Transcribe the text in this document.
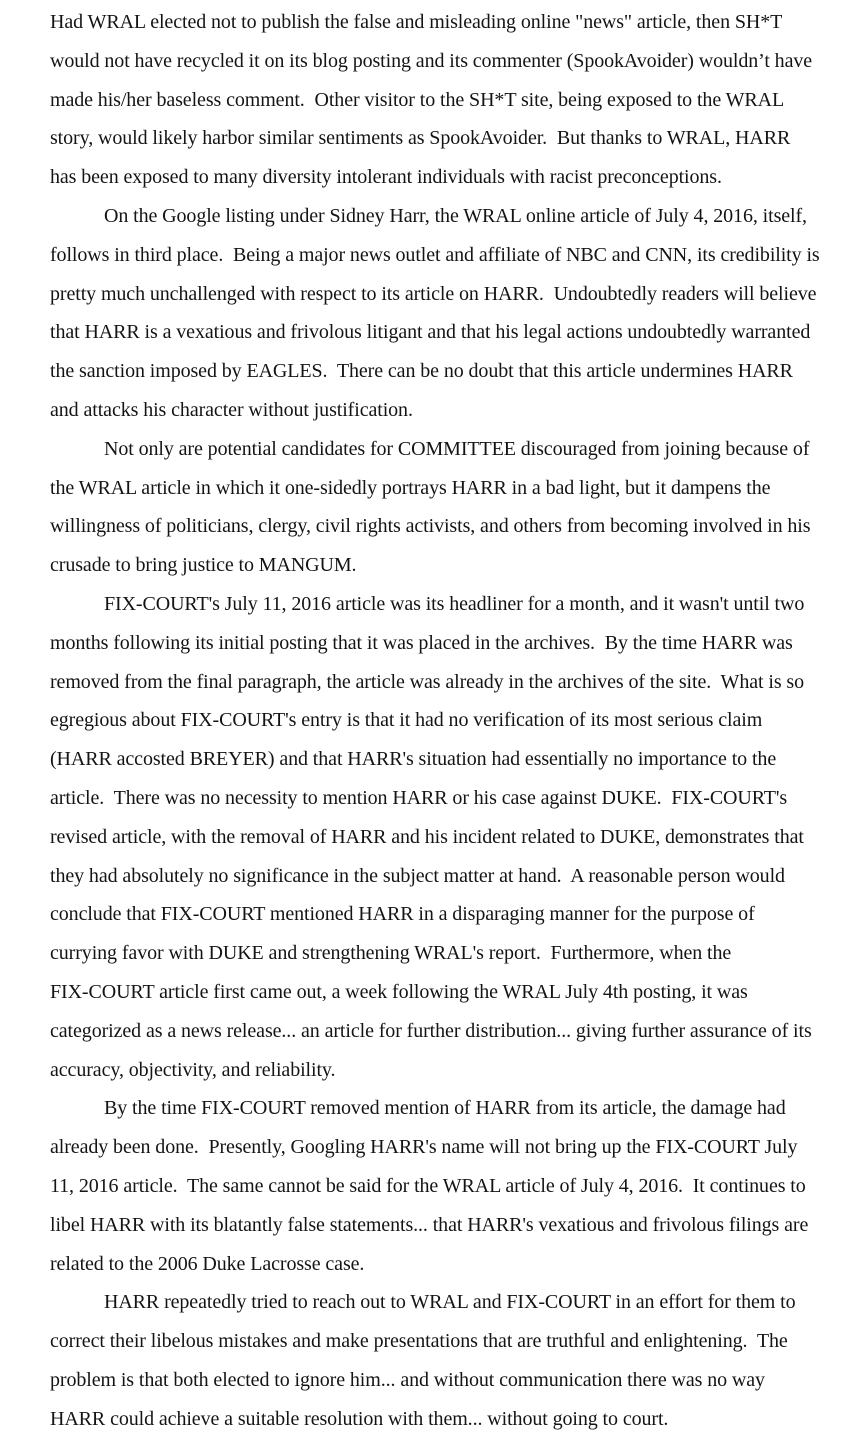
Had WRAL elected not to publish the false and misleading online "news" article, then SH*T
would not have recycled it on its blog posting and its commenter (SpookAvoider) wouldn’t have
made his/her baseless comment.  Other visitor to the SH*T site, being exposed to the WRAL
story, would likely harbor similar sentiments as SpookAvoider.  But thanks to WRAL, HARR
has been exposed to many diversity intolerant individuals with racist preconceptions.
On the Google listing under Sidney Harr, the WRAL online article of July 4, 2016, itself,
follows in third place.  Being a major news outlet and affiliate of NBC and CNN, its credibility is
pretty much unchallenged with respect to its article on HARR.  Undoubtedly readers will believe
that HARR is a vexatious and frivolous litigant and that his legal actions undoubtedly warranted
the sanction imposed by EAGLES.  There can be no doubt that this article undermines HARR
and attacks his character without justification.
Not only are potential candidates for COMMITTEE discouraged from joining because of
the WRAL article in which it one-sidedly portrays HARR in a bad light, but it dampens the
willingness of politicians, clergy, civil rights activists, and others from becoming involved in his
crusade to bring justice to MANGUM.
FIX-COURT's July 11, 2016 article was its headliner for a month, and it wasn't until two
months following its initial posting that it was placed in the archives.  By the time HARR was
removed from the final paragraph, the article was already in the archives of the site.  What is so
egregious about FIX-COURT's entry is that it had no verification of its most serious claim
(HARR accosted BREYER) and that HARR's situation had essentially no importance to the
article.  There was no necessity to mention HARR or his case against DUKE.  FIX-COURT's
revised article, with the removal of HARR and his incident related to DUKE, demonstrates that
they had absolutely no significance in the subject matter at hand.  A reasonable person would
conclude that FIX-COURT mentioned HARR in a disparaging manner for the purpose of
currying favor with DUKE and strengthening WRAL's report.  Furthermore, when the
FIX-COURT article first came out, a week following the WRAL July 4th posting, it was
categorized as a news release... an article for further distribution... giving further assurance of its
accuracy, objectivity, and reliability.
By the time FIX-COURT removed mention of HARR from its article, the damage had
already been done.  Presently, Googling HARR's name will not bring up the FIX-COURT July
11, 2016 article.  The same cannot be said for the WRAL article of July 4, 2016.  It continues to
libel HARR with its blatantly false statements... that HARR's vexatious and frivolous filings are
related to the 2006 Duke Lacrosse case.
HARR repeatedly tried to reach out to WRAL and FIX-COURT in an effort for them to
correct their libelous mistakes and make presentations that are truthful and enlightening.  The
problem is that both elected to ignore him... and without communication there was no way
HARR could achieve a suitable resolution with them... without going to court.
